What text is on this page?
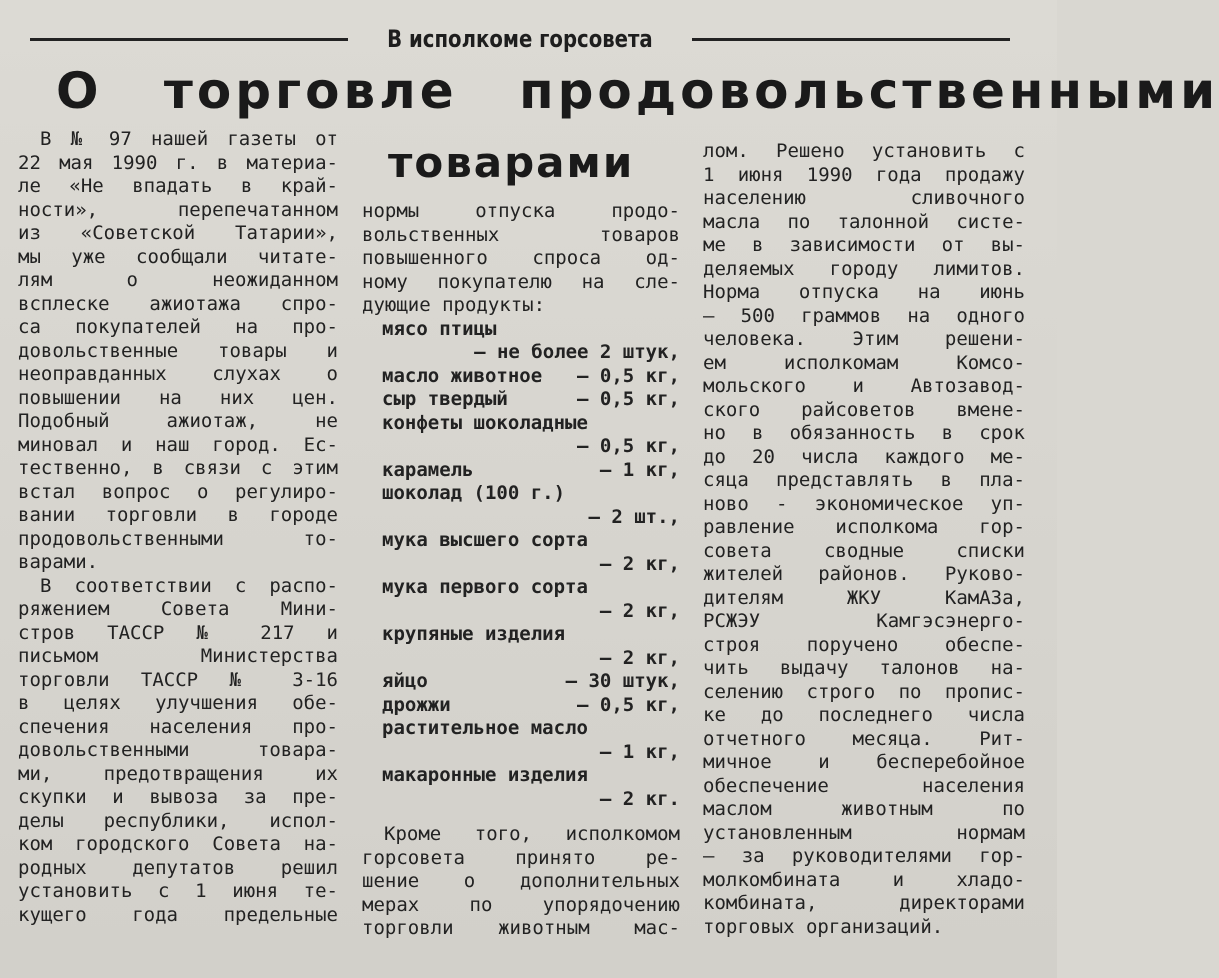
В исполкоме горсовета
О торговле продовольственными
товарами

В № 97 нашей газеты от
22 мая 1990 г. в материа-
ле «Не впадать в край-
ности», перепечатанном
из «Советской Татарии»,
мы уже сообщали читате-
лям о неожиданном
всплеске ажиотажа спро-
са покупателей на про-
довольственные товары и
неоправданных слухах о
повышении на них цен.
Подобный ажиотаж, не
миновал и наш город. Ес-
тественно, в связи с этим
встал вопрос о регулиро-
вании торговли в городе
продовольственными то-
варами.

В соответствии с распо-
ряжением Совета Мини-
стров ТАССР № 217 и
письмом Министерства
торговли ТАССР № 3-16
в целях улучшения обе-
спечения населения про-
довольственными товара-
ми, предотвращения их
скупки и вывоза за пре-
делы республики, испол-
ком городского Совета на-
родных депутатов решил
установить с 1 июня те-
кущего года предельные

нормы отпуска продо-
вольственных товаров
повышенного спроса од-
ному покупателю на сле-
дующие продукты:

мясо птицы
— не более 2 штук,
масло животное — 0,5 кг,
сыр твердый	— 0,5 кг,
конфеты шоколадные
— 0,5 кг,
карамель	— 1 кг,
шоколад (100 г.)
— 2 шт.,
мука высшего сорта
— 2 кг,
мука первого сорта
— 2 кг,
крупяные изделия
— 2 кг,
яйцо	— 30 штук,
дрожжи	— 0,5 кг,
растительное масло
— 1 кг,
макаронные изделия
— 2 кг.

Кроме того, исполкомом
горсовета принято ре-
шение о дополнительных
мерах по упорядочению
торговли животным мас-

лом. Решено установить с
1 июня 1990 года продажу
населению сливочного
масла по талонной систе-
ме в зависимости от вы-
деляемых городу лимитов.
Норма отпуска на июнь
— 500 граммов на одного
человека. Этим решени-
ем исполкомам Комсо-
мольского и Автозавод-
ского райсоветов вмене-
но в обязанность в срок
до 20 числа каждого ме-
сяца представлять в пла-
ново - экономическое уп-
равление исполкома гор-
совета сводные списки
жителей районов. Руково-
дителям ЖКУ КамАЗа,
РСЖЭУ Камгэсэнерго-
строя поручено обеспе-
чить выдачу талонов на-
селению строго по пропис-
ке до последнего числа
отчетного месяца. Рит-
мичное и бесперебойное
обеспечение населения
маслом животным по
установленным нормам
— за руководителями гор-
молкомбината и хладо-
комбината, директорами
торговых организаций.
